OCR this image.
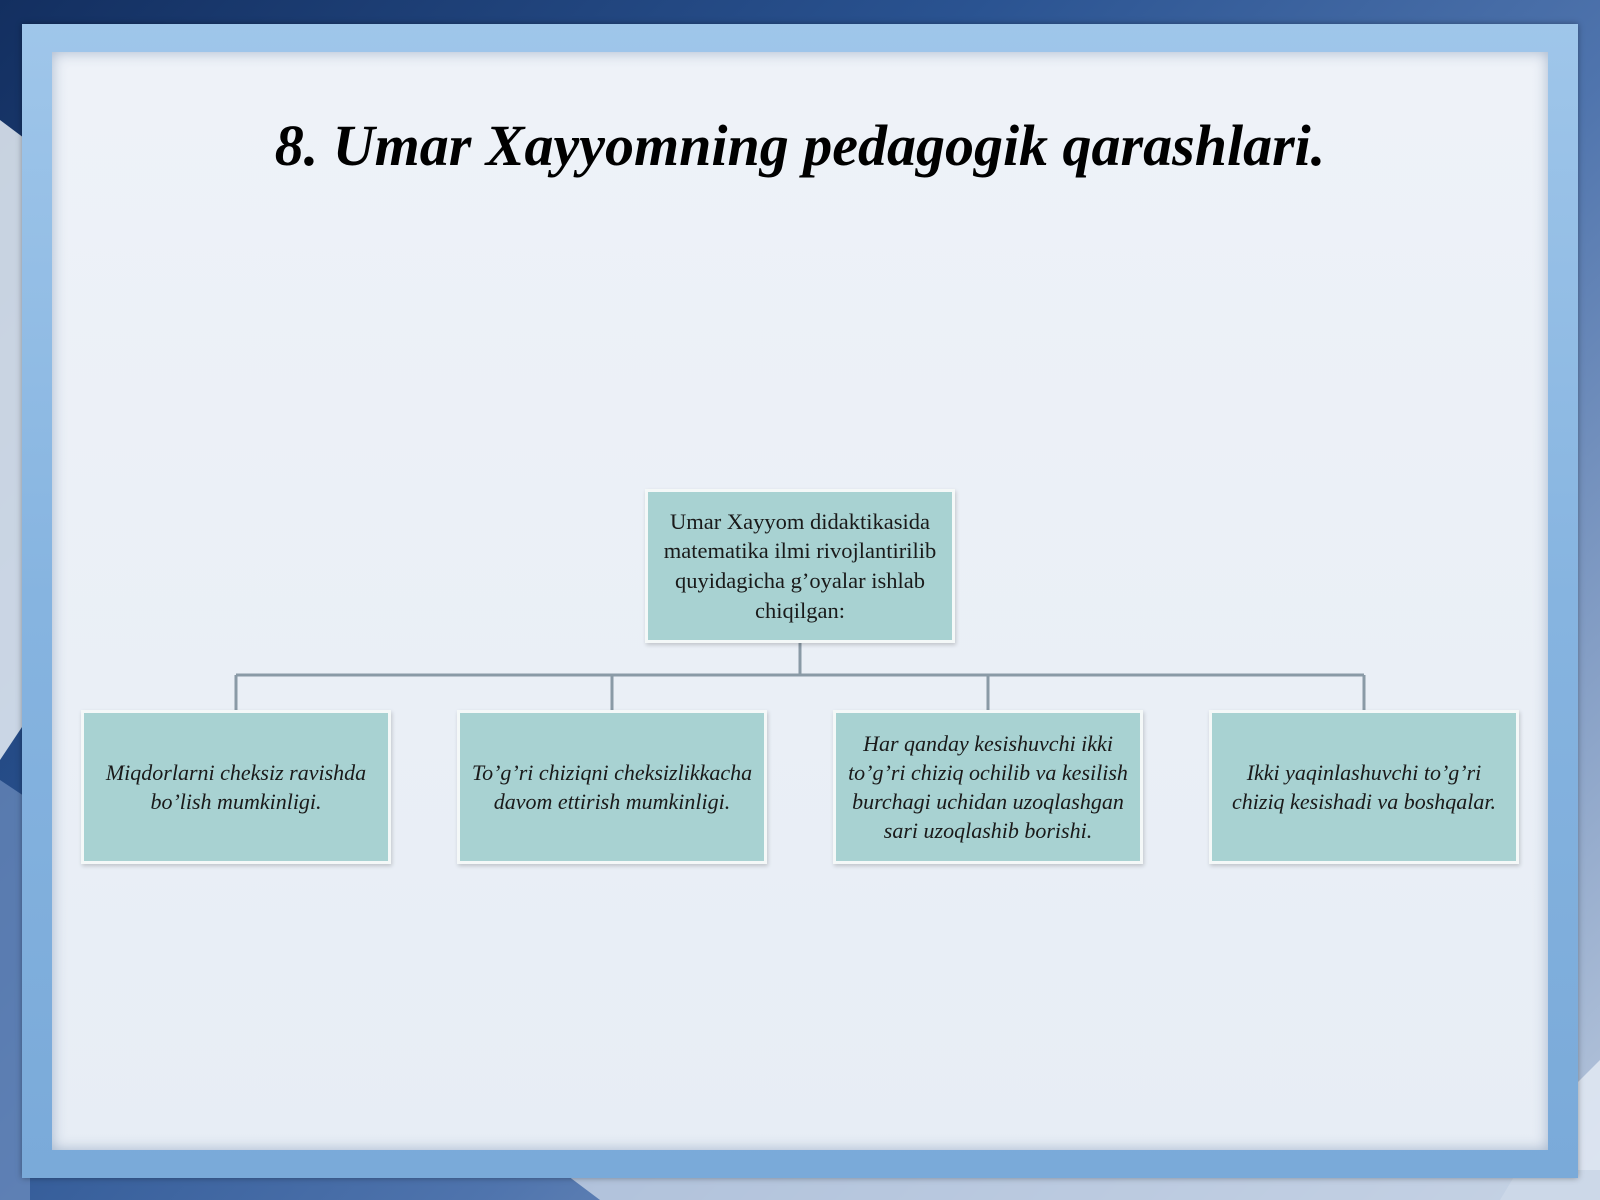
8. Umar Xayyomning pedagogik qarashlari.
Umar Xayyom didaktikasida matematika ilmi rivojlantirilib quyidagicha g’oyalar ishlab chiqilgan:
Miqdorlarni cheksiz ravishda bo’lish mumkinligi.
To’g’ri chiziqni cheksizlikkacha davom ettirish mumkinligi.
Har qanday kesishuvchi ikki to’g’ri chiziq ochilib va kesilish burchagi uchidan uzoqlashgan sari uzoqlashib borishi.
Ikki yaqinlashuvchi to’g’ri chiziq kesishadi va boshqalar.
